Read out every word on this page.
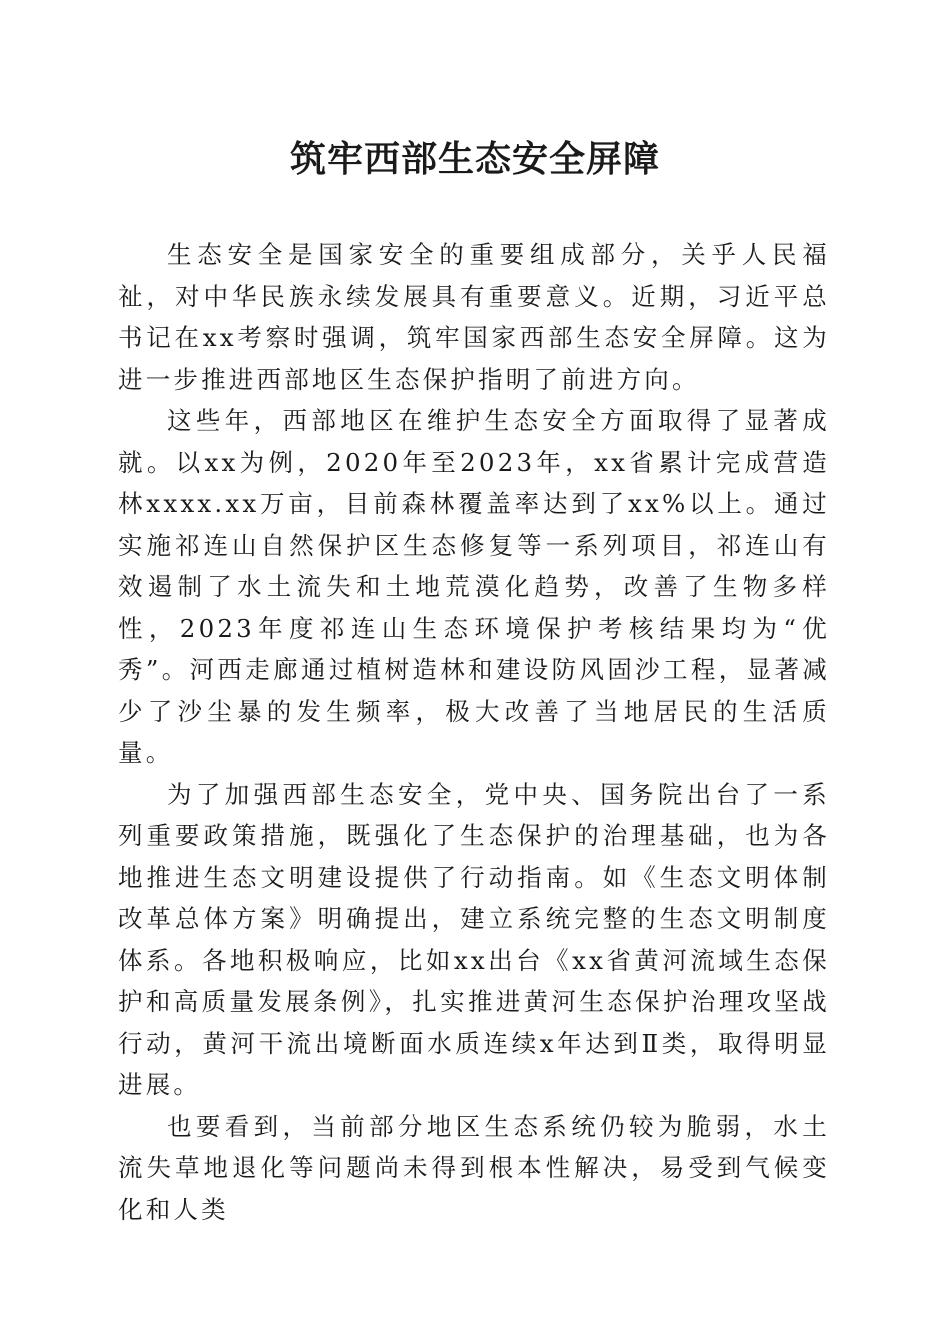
筑牢西部生态安全屏障

生态安全是国家安全的重要组成部分，关乎人民福祉，对中华民族永续发展具有重要意义。近期，习近平总书记在xx考察时强调，筑牢国家西部生态安全屏障。这为进一步推进西部地区生态保护指明了前进方向。

这些年，西部地区在维护生态安全方面取得了显著成就。以xx为例，2020年至2023年，xx省累计完成营造林xxxx.xx万亩，目前森林覆盖率达到了xx%以上。通过实施祁连山自然保护区生态修复等一系列项目，祁连山有效遏制了水土流失和土地荒漠化趋势，改善了生物多样性，2023年度祁连山生态环境保护考核结果均为“优秀”。河西走廊通过植树造林和建设防风固沙工程，显著减少了沙尘暴的发生频率，极大改善了当地居民的生活质量。

为了加强西部生态安全，党中央、国务院出台了一系列重要政策措施，既强化了生态保护的治理基础，也为各地推进生态文明建设提供了行动指南。如《生态文明体制改革总体方案》明确提出，建立系统完整的生态文明制度体系。各地积极响应，比如xx出台《xx省黄河流域生态保护和高质量发展条例》，扎实推进黄河生态保护治理攻坚战行动，黄河干流出境断面水质连续x年达到Ⅱ类，取得明显进展。

也要看到，当前部分地区生态系统仍较为脆弱，水土流失草地退化等问题尚未得到根本性解决，易受到气候变化和人类
